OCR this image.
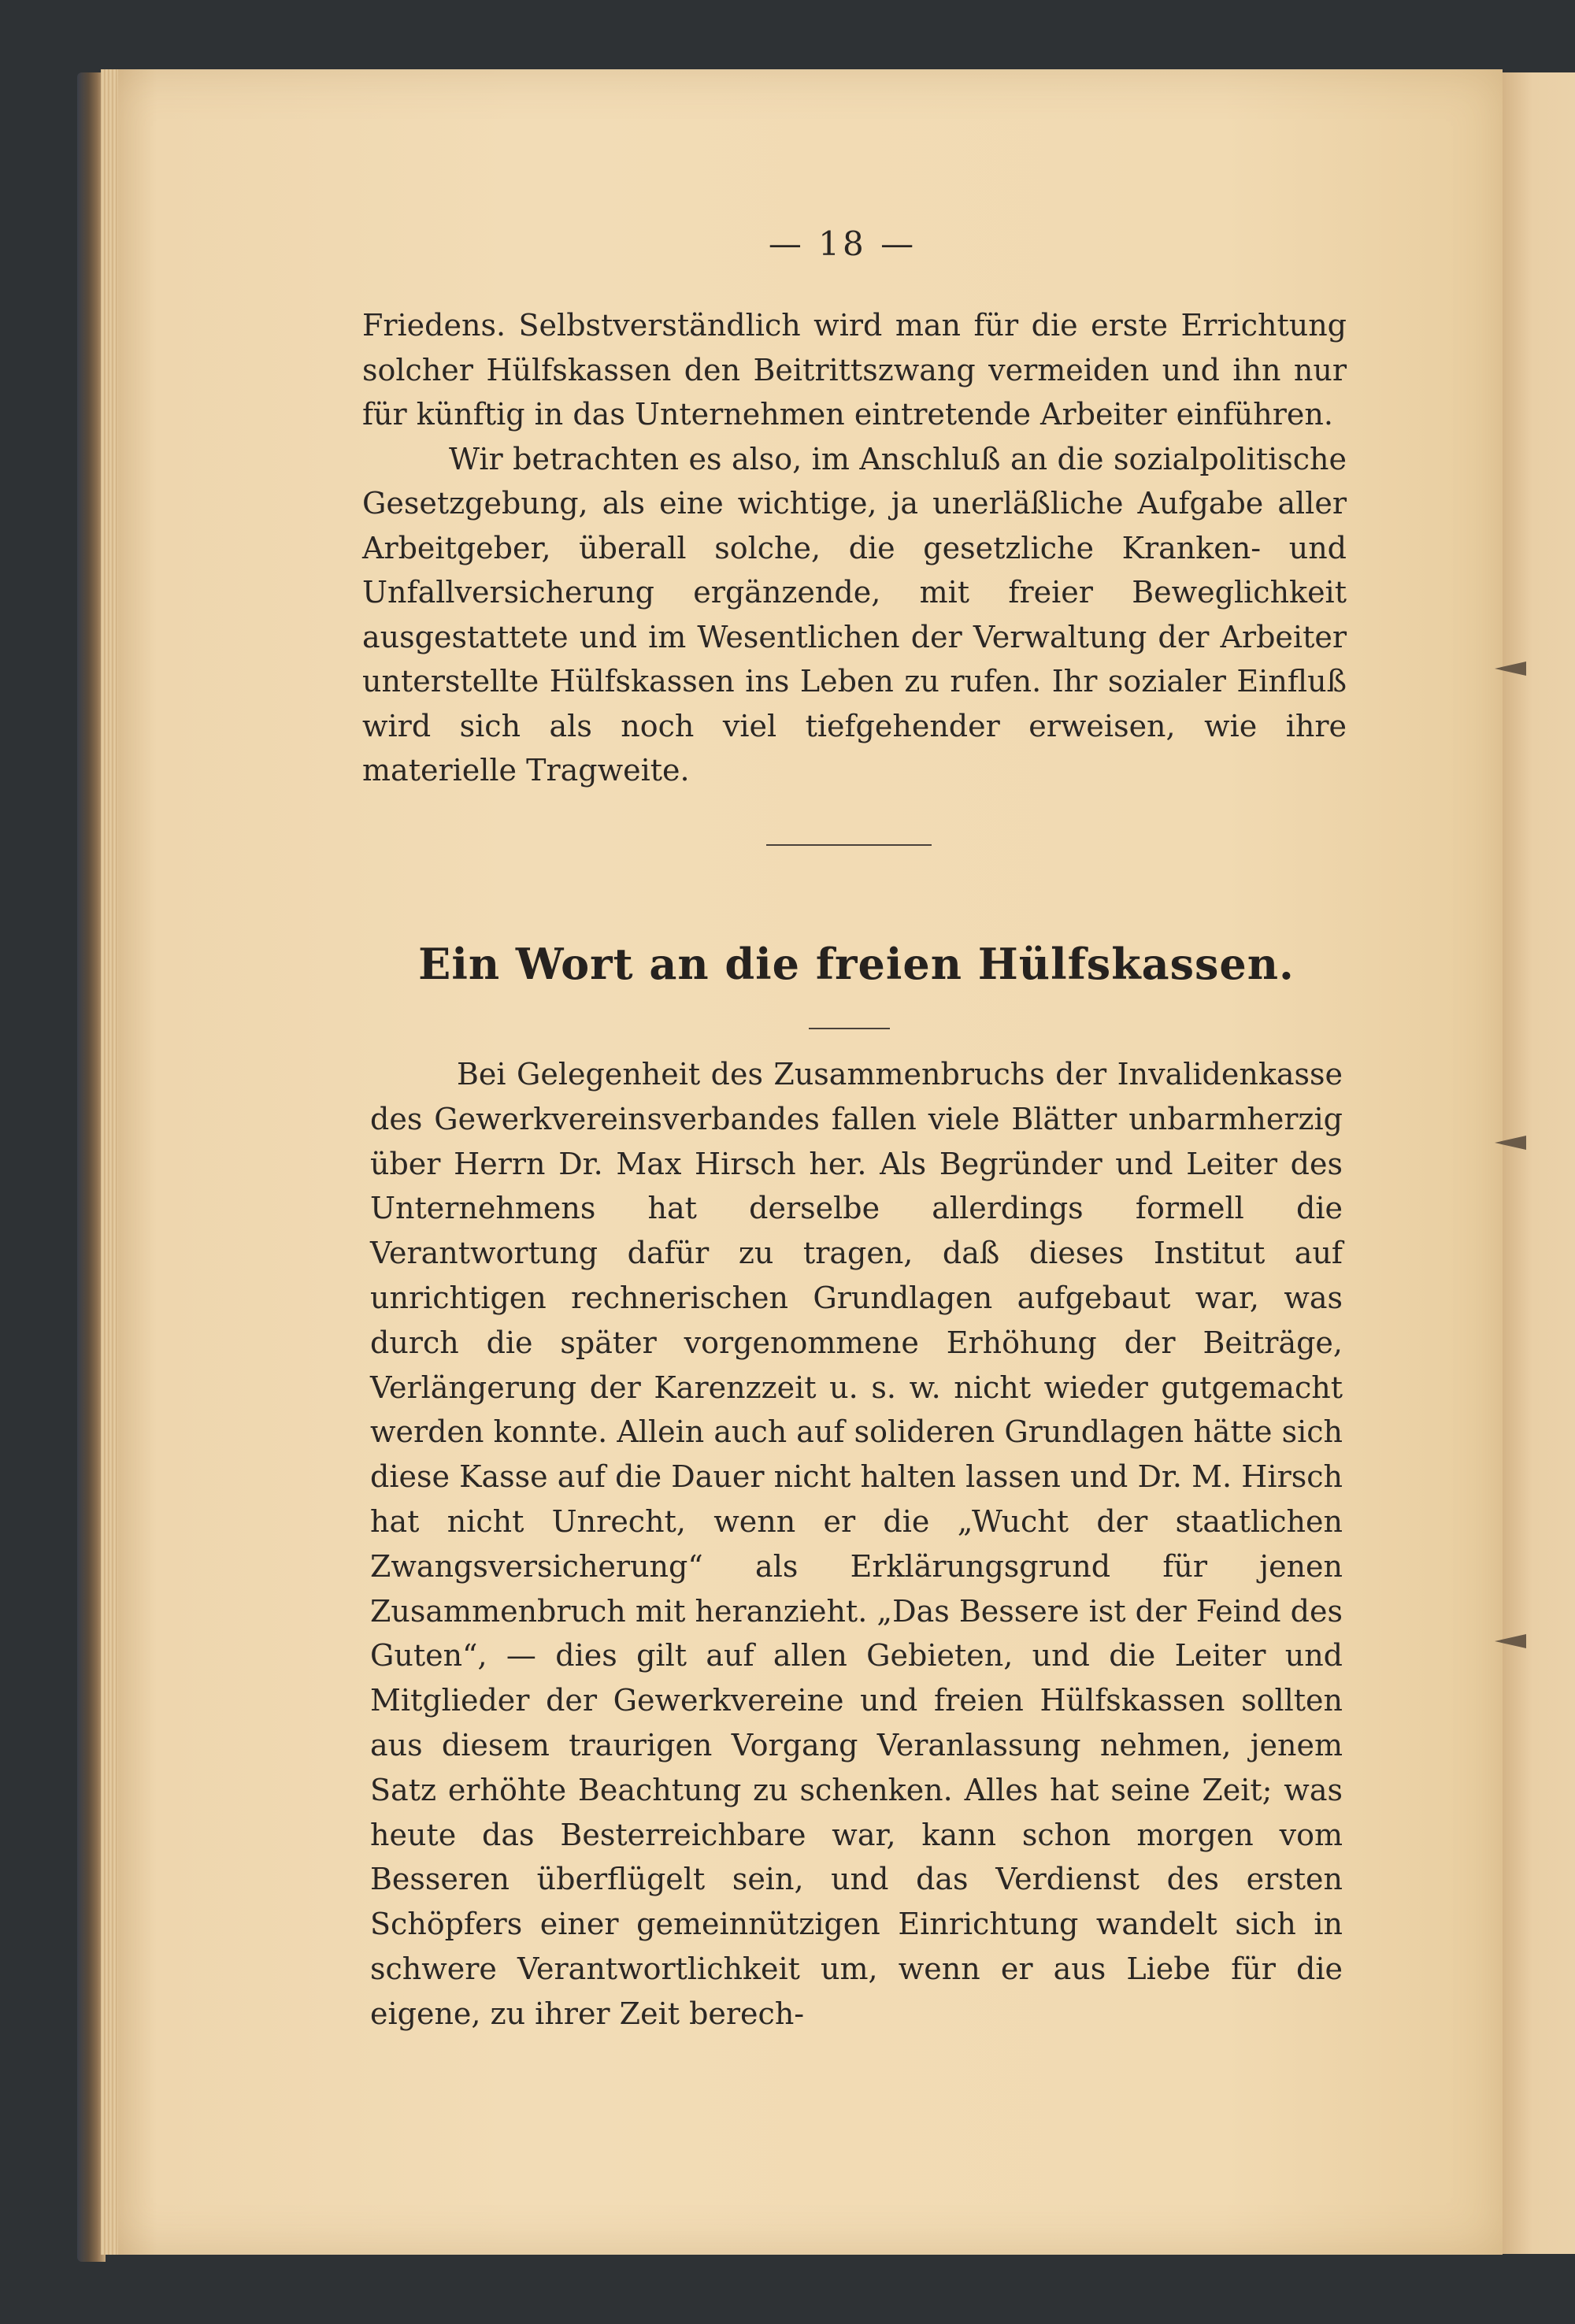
— 18 —

Friedens. Selbstverständlich wird man für die erste Errichtung solcher Hülfskassen den Beitrittszwang vermeiden und ihn nur für künftig in das Unternehmen eintretende Arbeiter einführen.

Wir betrachten es also, im Anschluß an die sozialpolitische Gesetzgebung, als eine wichtige, ja unerläßliche Aufgabe aller Arbeitgeber, überall solche, die gesetzliche Kranken- und Unfallversicherung ergänzende, mit freier Beweglichkeit ausgestattete und im Wesentlichen der Verwaltung der Arbeiter unterstellte Hülfskassen ins Leben zu rufen. Ihr sozialer Einfluß wird sich als noch viel tiefgehender erweisen, wie ihre materielle Tragweite.

Ein Wort an die freien Hülfskassen.

Bei Gelegenheit des Zusammenbruchs der Invalidenkasse des Gewerkvereinsverbandes fallen viele Blätter unbarmherzig über Herrn Dr. Max Hirsch her. Als Begründer und Leiter des Unternehmens hat derselbe allerdings formell die Verantwortung dafür zu tragen, daß dieses Institut auf unrichtigen rechnerischen Grundlagen aufgebaut war, was durch die später vorgenommene Erhöhung der Beiträge, Verlängerung der Karenzzeit u. s. w. nicht wieder gutgemacht werden konnte. Allein auch auf solideren Grundlagen hätte sich diese Kasse auf die Dauer nicht halten lassen und Dr. M. Hirsch hat nicht Unrecht, wenn er die „Wucht der staatlichen Zwangsversicherung“ als Erklärungsgrund für jenen Zusammenbruch mit heranzieht. „Das Bessere ist der Feind des Guten“, — dies gilt auf allen Gebieten, und die Leiter und Mitglieder der Gewerkvereine und freien Hülfskassen sollten aus diesem traurigen Vorgang Veranlassung nehmen, jenem Satz erhöhte Beachtung zu schenken. Alles hat seine Zeit; was heute das Besterreichbare war, kann schon morgen vom Besseren überflügelt sein, und das Verdienst des ersten Schöpfers einer gemeinnützigen Einrichtung wandelt sich in schwere Verantwortlichkeit um, wenn er aus Liebe für die eigene, zu ihrer Zeit berech-
